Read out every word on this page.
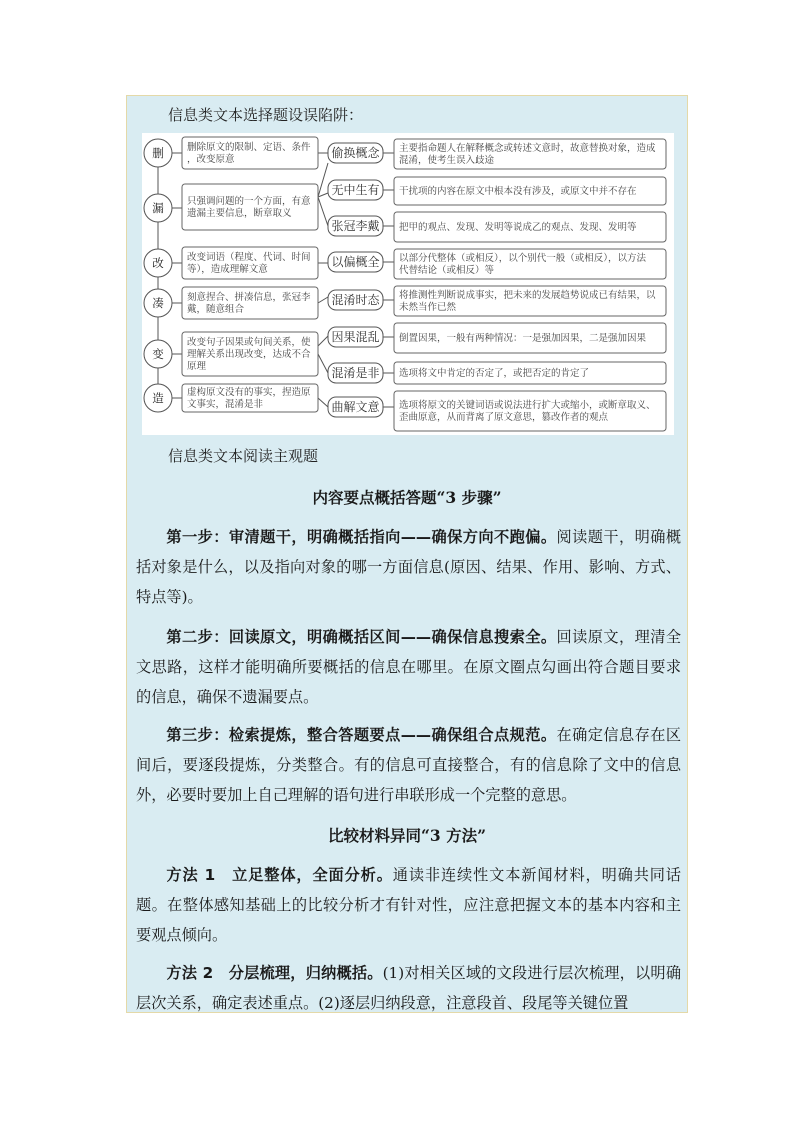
信息类文本选择题设误陷阱：
删
漏
改
凑
变
造
删除原文的限制、定语、条件，改变原意
只强调问题的一个方面，有意遗漏主要信息，断章取义
改变词语（程度、代词、时间等），造成理解文意
刻意捏合、拼凑信息，张冠李戴，随意组合
改变句子因果或句间关系，使理解关系出现改变，达成不合原理
虚构原文没有的事实，捏造原文事实，混淆是非
偷换概念
无中生有
张冠李戴
以偏概全
混淆时态
因果混乱
混淆是非
曲解文意
主要指命题人在解释概念或转述文意时，故意替换对象，造成混淆，使考生误入歧途
干扰项的内容在原文中根本没有涉及，或原文中并不存在
把甲的观点、发现、发明等说成乙的观点、发现、发明等
以部分代整体（或相反），以个别代一般（或相反），以方法代替结论（或相反）等
将推测性判断说成事实，把未来的发展趋势说成已有结果，以未然当作已然
倒置因果，一般有两种情况：一是强加因果，二是强加因果
选项将文中肯定的否定了，或把否定的肯定了
选项将原文的关键词语或说法进行扩大或缩小，或断章取义、歪曲原意，从而背离了原文意思，篡改作者的观点
信息类文本阅读主观题
内容要点概括答题“3 步骤”
第一步：审清题干，明确概括指向——确保方向不跑偏。阅读题干，明确概括对象是什么，以及指向对象的哪一方面信息(原因、结果、作用、影响、方式、特点等)。
第二步：回读原文，明确概括区间——确保信息搜索全。回读原文，理清全文思路，这样才能明确所要概括的信息在哪里。在原文圈点勾画出符合题目要求的信息，确保不遗漏要点。
第三步：检索提炼，整合答题要点——确保组合点规范。在确定信息存在区间后，要逐段提炼，分类整合。有的信息可直接整合，有的信息除了文中的信息外，必要时要加上自己理解的语句进行串联形成一个完整的意思。
比较材料异同“3 方法”
方法 1　立足整体，全面分析。通读非连续性文本新闻材料，明确共同话题。在整体感知基础上的比较分析才有针对性，应注意把握文本的基本内容和主要观点倾向。
方法 2　分层梳理，归纳概括。(1)对相关区域的文段进行层次梳理，以明确层次关系，确定表述重点。(2)逐层归纳段意，注意段首、段尾等关键位置
